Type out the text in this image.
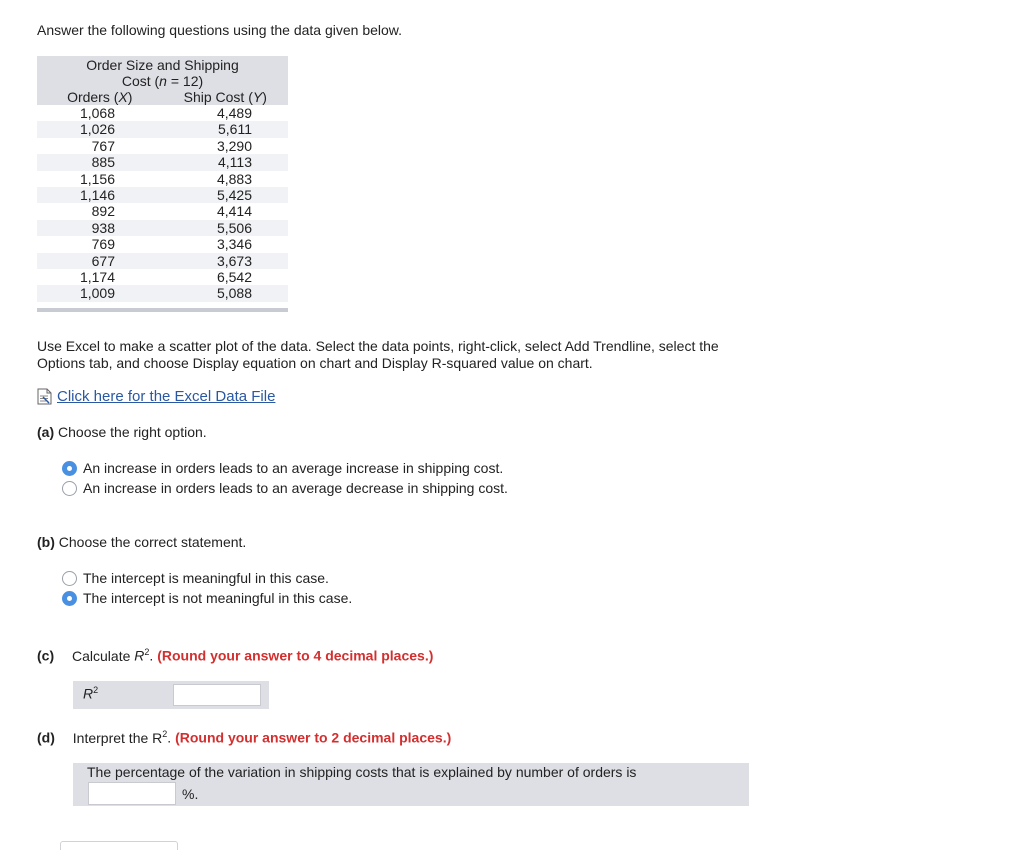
Answer the following questions using the data given below.
Order Size and Shipping
Cost (n = 12)
Orders (X)	Ship Cost (Y)
1,068	4,489
1,026	5,611
767	3,290
885	4,113
1,156	4,883
1,146	5,425
892	4,414
938	5,506
769	3,346
677	3,673
1,174	6,542
1,009	5,088
Use Excel to make a scatter plot of the data. Select the data points, right-click, select Add Trendline, select the Options tab, and choose Display equation on chart and Display R-squared value on chart.
Click here for the Excel Data File
(a) Choose the right option.
An increase in orders leads to an average increase in shipping cost.
An increase in orders leads to an average decrease in shipping cost.
(b) Choose the correct statement.
The intercept is meaningful in this case.
The intercept is not meaningful in this case.
(c) Calculate $R^2$. (Round your answer to 4 decimal places.)
$R^2$
(d) Interpret the $R^2$. (Round your answer to 2 decimal places.)
The percentage of the variation in shipping costs that is explained by number of orders is
%.
